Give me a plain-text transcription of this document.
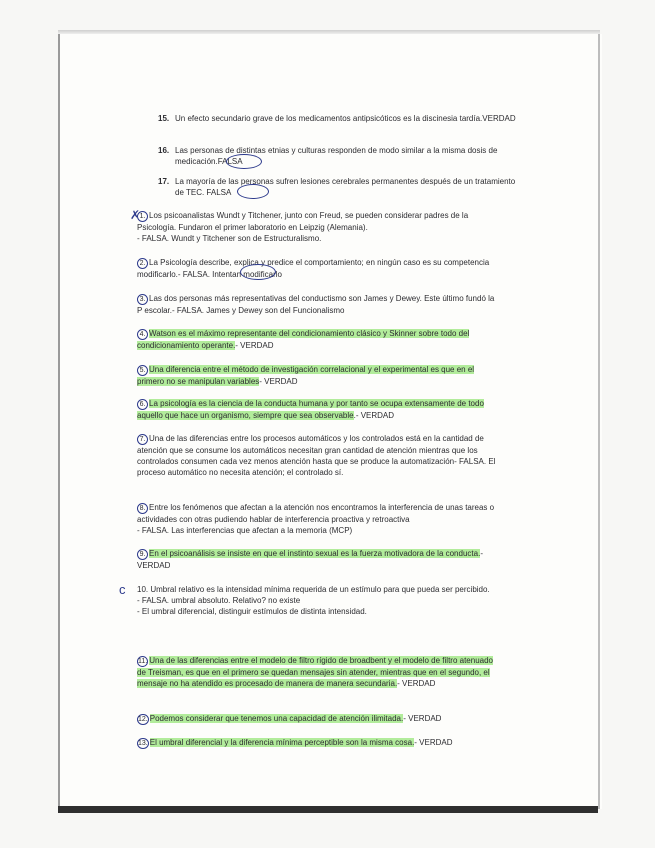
15. Un efecto secundario grave de los medicamentos antipsicóticos es la discinesia tardía.VERDAD
16. Las personas de distintas etnias y culturas responden de modo similar a la misma dosis de medicación.FALSA
17. La mayoría de las personas sufren lesiones cerebrales permanentes después de un tratamiento de TEC. FALSA
✗ 1. Los psicoanalistas Wundt y Titchener, junto con Freud, se pueden considerar padres de la Psicología. Fundaron el primer laboratorio en Leipzig (Alemania).

- FALSA. Wundt y Titchener son de Estructuralismo.

2. La Psicología describe, explica y predice el comportamiento; en ningún caso es su competencia modificarlo.- FALSA. Intentan modificarlo

3. Las dos personas más representativas del conductismo son James y Dewey. Este último fundó la P escolar.- FALSA. James y Dewey son del Funcionalismo

4. Watson es el máximo representante del condicionamiento clásico y Skinner sobre todo del condicionamiento operante.- VERDAD

5. Una diferencia entre el método de investigación correlacional y el experimental es que en el primero no se manipulan variables- VERDAD

6. La psicología es la ciencia de la conducta humana y por tanto se ocupa extensamente de todo aquello que hace un organismo, siempre que sea observable.- VERDAD

7. Una de las diferencias entre los procesos automáticos y los controlados está en la cantidad de atención que se consume los automáticos necesitan gran cantidad de atención mientras que los controlados consumen cada vez menos atención hasta que se produce la automatización- FALSA. El proceso automático no necesita atención; el controlado sí.

8. Entre los fenómenos que afectan a la atención nos encontramos la interferencia de unas tareas o actividades con otras pudiendo hablar de interferencia proactiva y retroactiva

- FALSA. Las interferencias que afectan a la memoria (MCP)

9. En el psicoanálisis se insiste en que el instinto sexual es la fuerza motivadora de la conducta.- VERDAD

c	10. Umbral relativo es la intensidad mínima requerida de un estímulo para que pueda ser percibido.

- FALSA. umbral absoluto. Relativo? no existe

- El umbral diferencial, distinguir estímulos de distinta intensidad.

11. Una de las diferencias entre el modelo de filtro rígido de broadbent y el modelo de filtro atenuado de Treisman, es que en el primero se quedan mensajes sin atender, mientras que en el segundo, el mensaje no ha atendido es procesado de manera de manera secundaria.- VERDAD

12. Podemos considerar que tenemos una capacidad de atención ilimitada.- VERDAD

13. El umbral diferencial y la diferencia mínima perceptible son la misma cosa.- VERDAD
